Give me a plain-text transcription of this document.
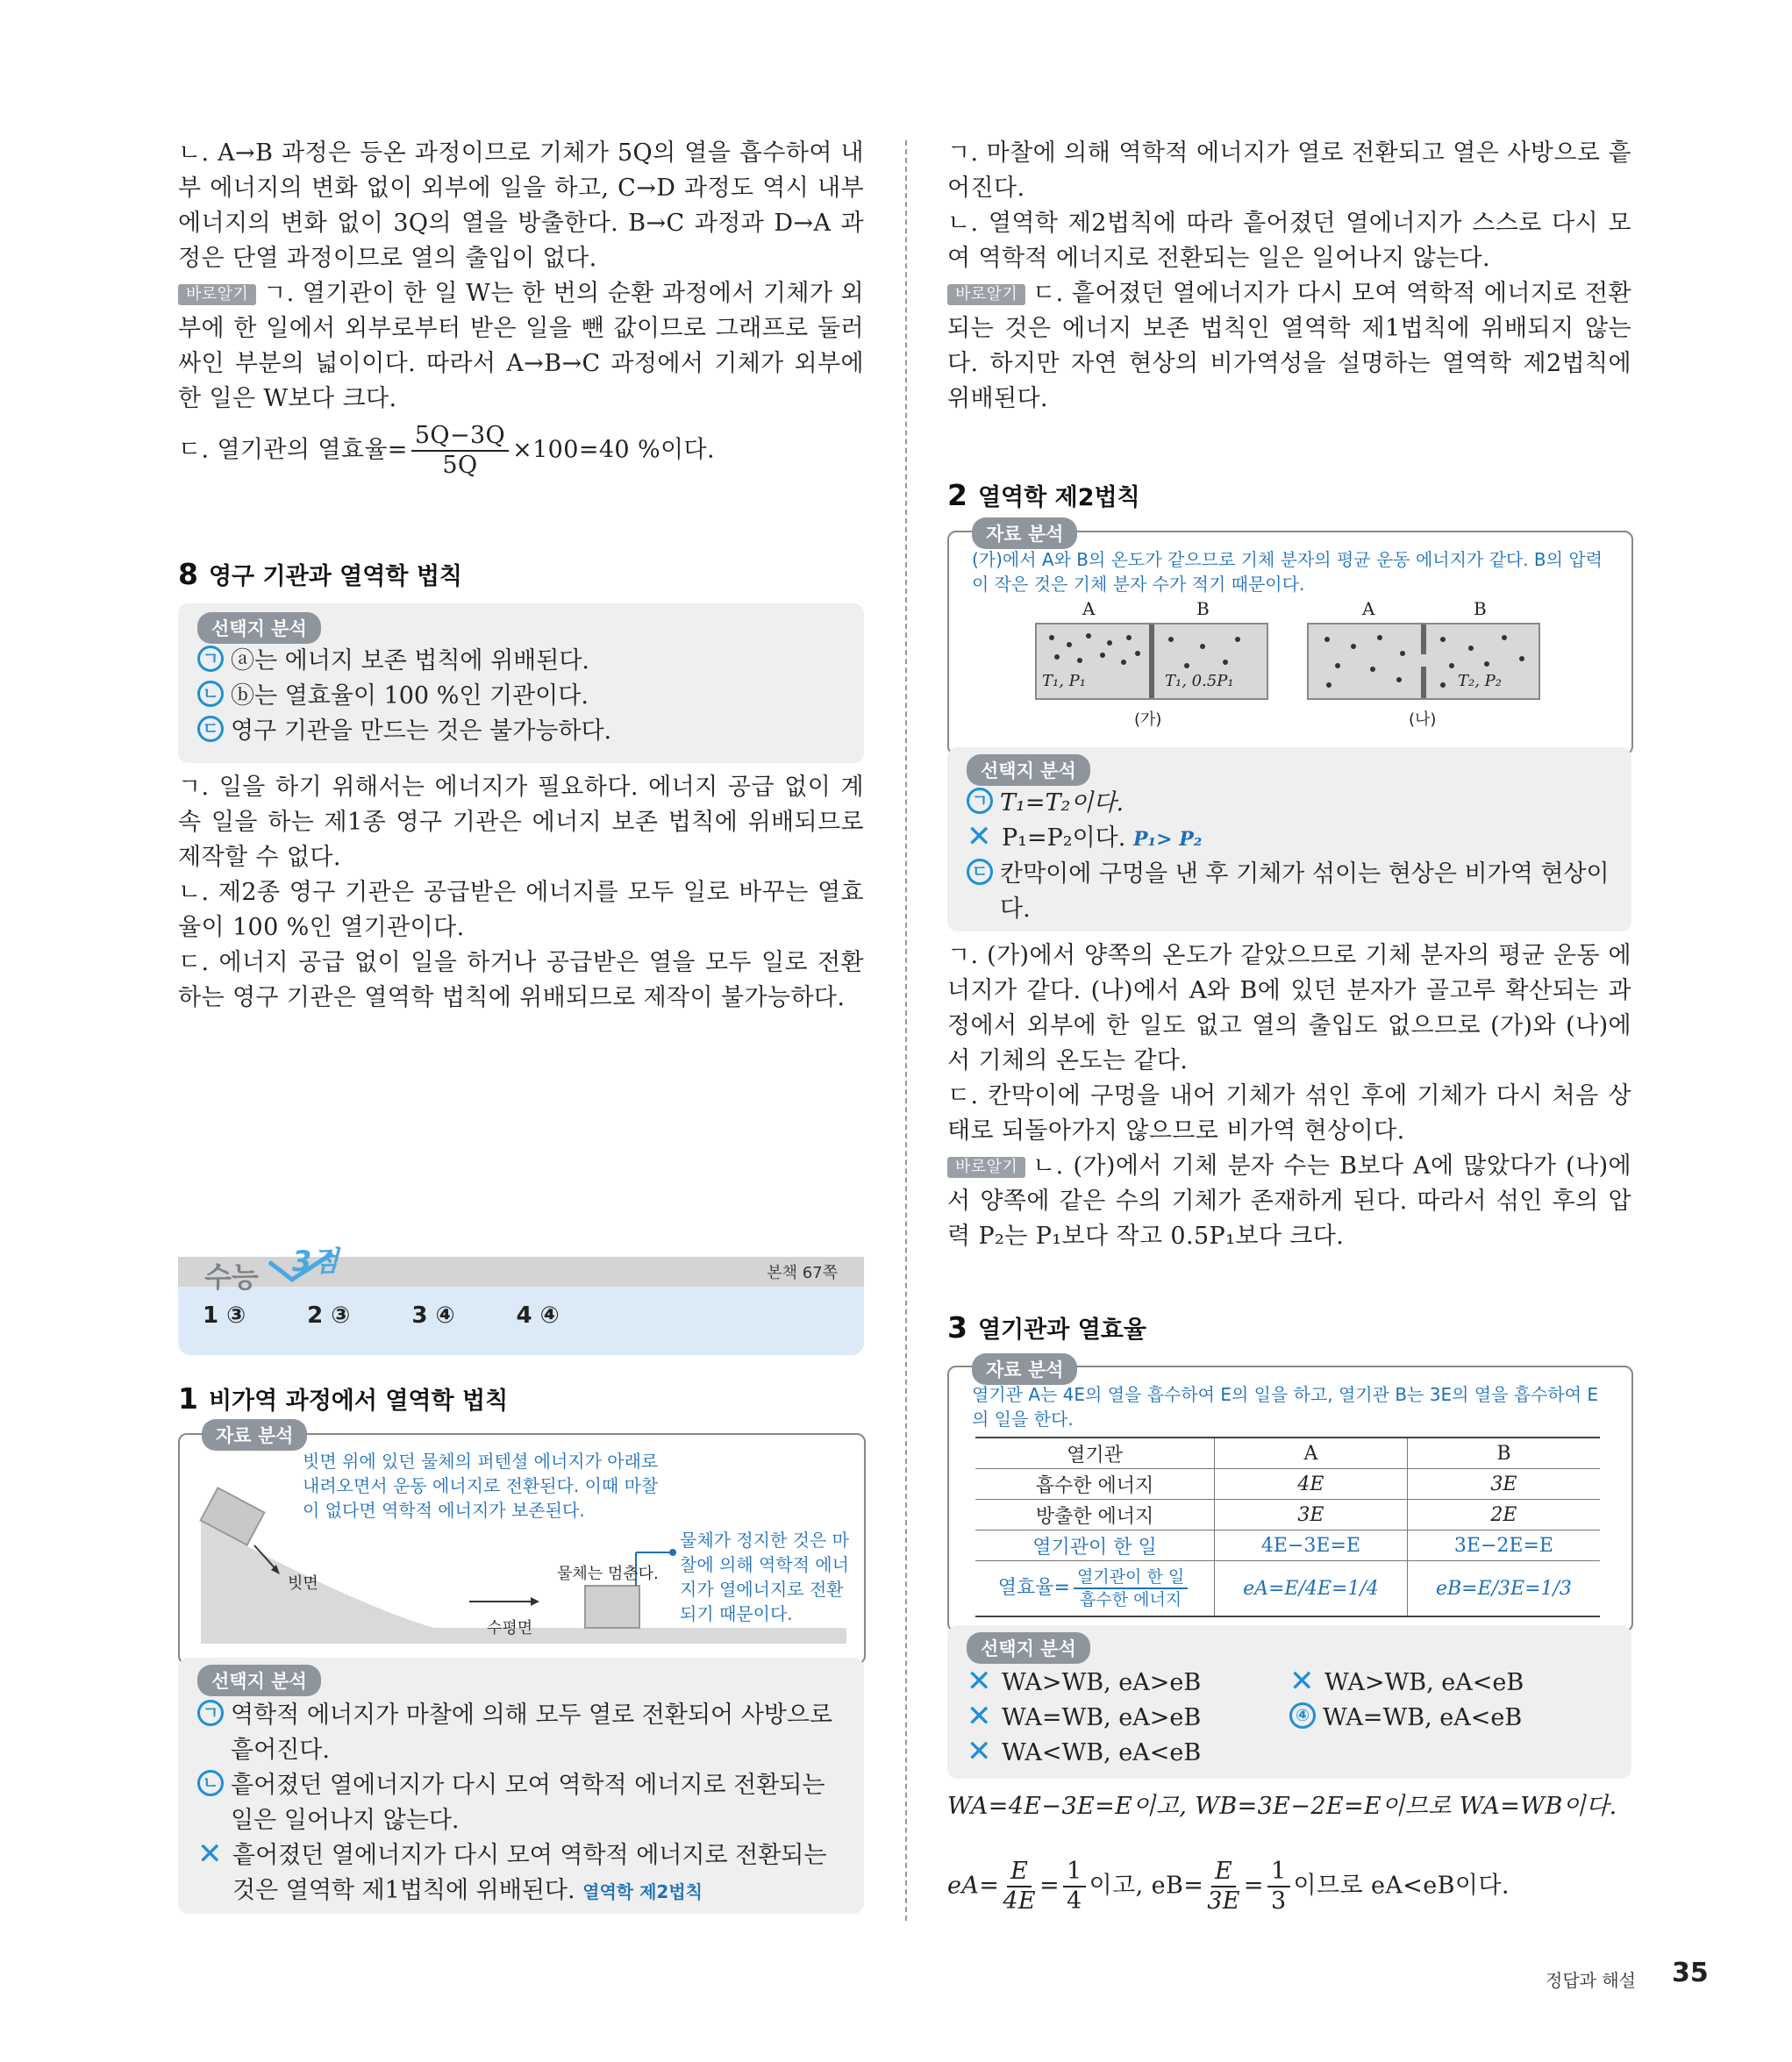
ㄴ. A→B 과정은 등온 과정이므로 기체가 5Q의 열을 흡수하여 내부 에너지의 변화 없이 외부에 일을 하고, C→D 과정도 역시 내부 에너지의 변화 없이 3Q의 열을 방출한다. B→C 과정과 D→A 과정은 단열 과정이므로 열의 출입이 없다.

바로알기 ㄱ. 열기관이 한 일 W는 한 번의 순환 과정에서 기체가 외부에 한 일에서 외부로부터 받은 일을 뺀 값이므로 그래프로 둘러싸인 부분의 넓이이다. 따라서 A→B→C 과정에서 기체가 외부에 한 일은 W보다 크다.

ㄷ. 열기관의 열효율= $\frac{5Q-3Q}{5Q} \times 100=40$ %이다.

8 영구 기관과 열역학 법칙
선택지 분석
ㄱ ⓐ는 에너지 보존 법칙에 위배된다.
ㄴ ⓑ는 열효율이 100 %인 기관이다.
ㄷ 영구 기관을 만드는 것은 불가능하다.

ㄱ. 일을 하기 위해서는 에너지가 필요하다. 에너지 공급 없이 계속 일을 하는 제1종 영구 기관은 에너지 보존 법칙에 위배되므로 제작할 수 없다.

ㄴ. 제2종 영구 기관은 공급받은 에너지를 모두 일로 바꾸는 열효율이 100 %인 열기관이다.

ㄷ. 에너지 공급 없이 일을 하거나 공급받은 열을 모두 일로 전환하는 영구 기관은 열역학 법칙에 위배되므로 제작이 불가능하다.

수능 3점	본책 67쪽
1 ③	2 ③	3 ④	4 ④
1 비가역 과정에서 열역학 법칙
자료 분석
빗면 위에 있던 물체의 퍼텐셜 에너지가 아래로 내려오면서 운동 에너지로 전환된다. 이때 마찰이 없다면 역학적 에너지가 보존된다.
빗면
수평면
물체는 멈춘다.
물체가 정지한 것은 마찰에 의해 역학적 에너지가 열에너지로 전환되기 때문이다.
선택지 분석
ㄱ 역학적 에너지가 마찰에 의해 모두 열로 전환되어 사방으로 흩어진다.
ㄴ 흩어졌던 열에너지가 다시 모여 역학적 에너지로 전환되는 일은 일어나지 않는다.
✕ 흩어졌던 열에너지가 다시 모여 역학적 에너지로 전환되는 것은 열역학 제1법칙에 위배된다. 열역학 제2법칙

ㄱ. 마찰에 의해 역학적 에너지가 열로 전환되고 열은 사방으로 흩어진다.

ㄴ. 열역학 제2법칙에 따라 흩어졌던 열에너지가 스스로 다시 모여 역학적 에너지로 전환되는 일은 일어나지 않는다.

바로알기 ㄷ. 흩어졌던 열에너지가 다시 모여 역학적 에너지로 전환되는 것은 에너지 보존 법칙인 열역학 제1법칙에 위배되지 않는다. 하지만 자연 현상의 비가역성을 설명하는 열역학 제2법칙에 위배된다.

2 열역학 제2법칙
자료 분석
(가)에서 A와 B의 온도가 같으므로 기체 분자의 평균 운동 에너지가 같다. B의 압력이 작은 것은 기체 분자 수가 적기 때문이다.
A	B	A	B
T₁, P₁	T₁, 0.5P₁	T₂, P₂
(가)	(나)
선택지 분석
ㄱ T₁=T₂이다.
✕ P₁=P₂이다. P₁> P₂
ㄷ 칸막이에 구멍을 낸 후 기체가 섞이는 현상은 비가역 현상이다.

ㄱ. (가)에서 양쪽의 온도가 같았으므로 기체 분자의 평균 운동 에너지가 같다. (나)에서 A와 B에 있던 분자가 골고루 확산되는 과정에서 외부에 한 일도 없고 열의 출입도 없으므로 (가)와 (나)에서 기체의 온도는 같다.

ㄷ. 칸막이에 구멍을 내어 기체가 섞인 후에 기체가 다시 처음 상태로 되돌아가지 않으므로 비가역 현상이다.

바로알기 ㄴ. (가)에서 기체 분자 수는 B보다 A에 많았다가 (나)에서 양쪽에 같은 수의 기체가 존재하게 된다. 따라서 섞인 후의 압력 P₂는 P₁보다 작고 0.5P₁보다 크다.

3 열기관과 열효율
자료 분석
열기관 A는 4E의 열을 흡수하여 E의 일을 하고, 열기관 B는 3E의 열을 흡수하여 E의 일을 한다.
열기관	A	B
흡수한 에너지	4E	3E
방출한 에너지	3E	2E
열기관이 한 일	4E−3E=E	3E−2E=E
열효율= 열기관이 한 일
흡수한 에너지	eA=E/4E=1/4	eB=E/3E=1/3
선택지 분석
✕ WA>WB, eA>eB	✕ WA>WB, eA<eB
✕ WA=WB, eA>eB	④ WA=WB, eA<eB
✕ WA<WB, eA<eB

WA=4E−3E=E이고, WB=3E−2E=E이므로 WA=WB이다.

$eA= \frac{E}{4E} = \frac{1}{4}$ 이고, $eB= \frac{E}{3E} = \frac{1}{3}$ 이므로 eA<eB이다.

정답과 해설 35
